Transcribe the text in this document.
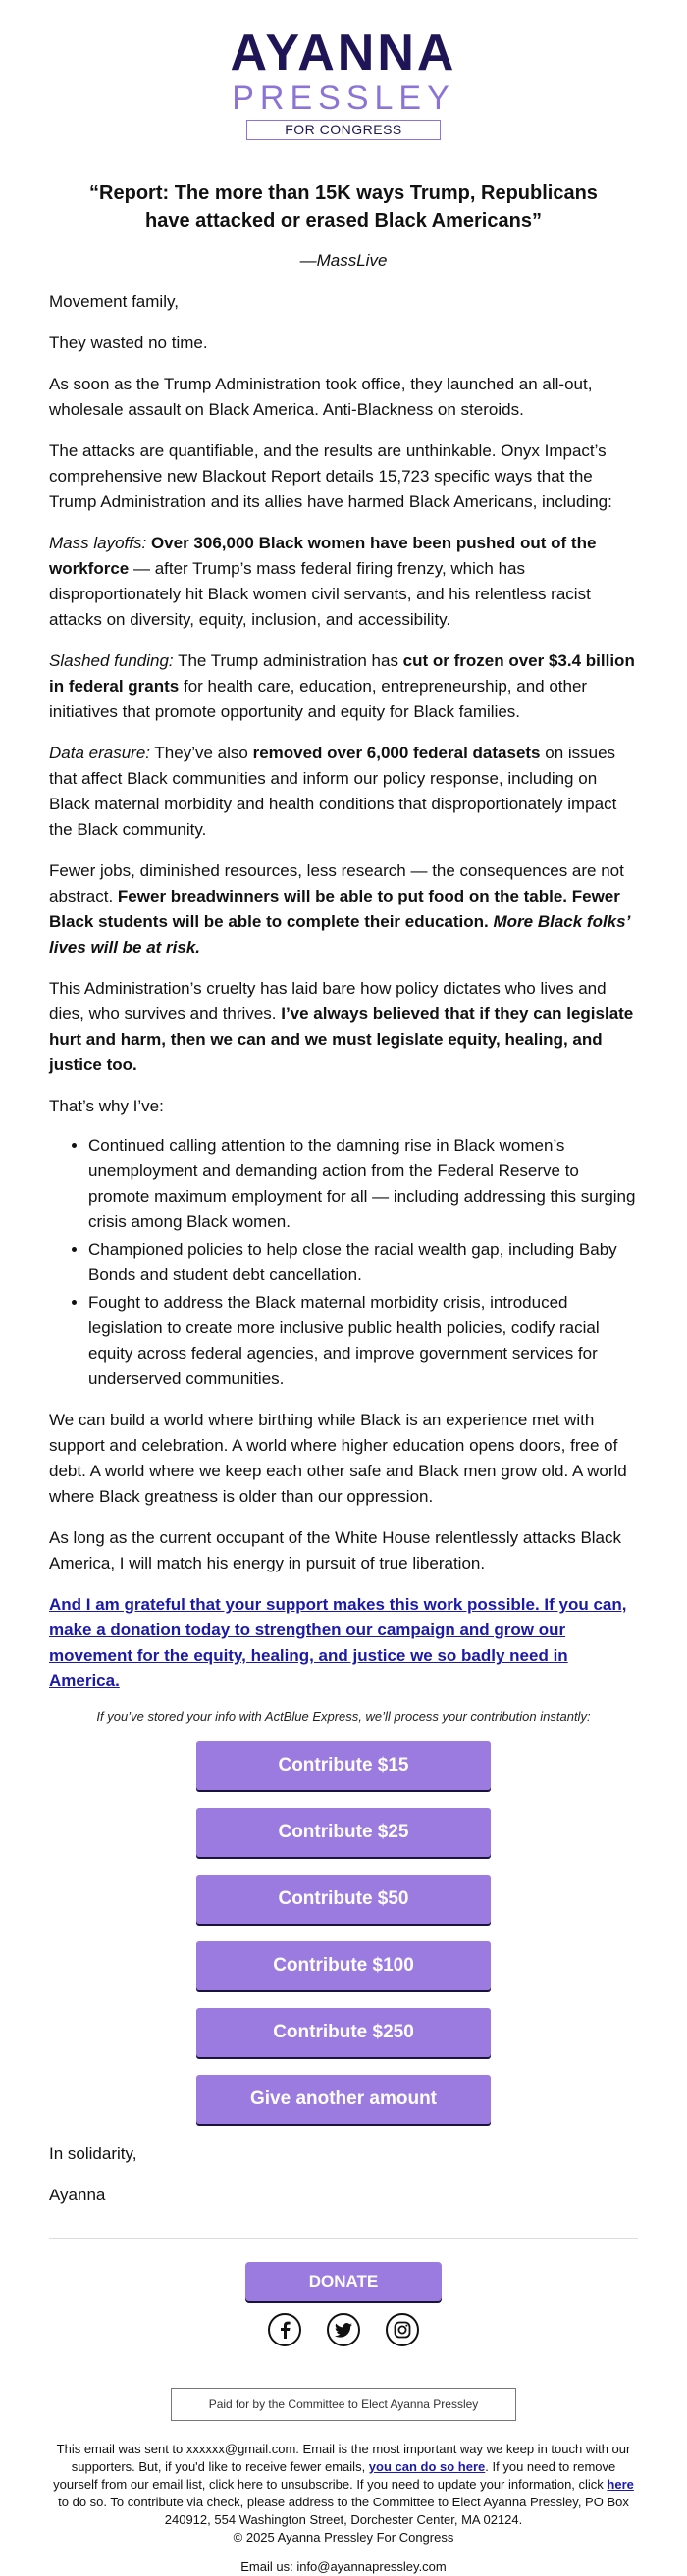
AYANNA
PRESSLEY
FOR CONGRESS
“Report: The more than 15K ways Trump, Republicans have attacked or erased Black Americans”
—MassLive

Movement family,

They wasted no time.

As soon as the Trump Administration took office, they launched an all-out, wholesale assault on Black America. Anti-Blackness on steroids.

The attacks are quantifiable, and the results are unthinkable. Onyx Impact’s comprehensive new Blackout Report details 15,723 specific ways that the Trump Administration and its allies have harmed Black Americans, including:

Mass layoffs: Over 306,000 Black women have been pushed out of the workforce — after Trump’s mass federal firing frenzy, which has disproportionately hit Black women civil servants, and his relentless racist attacks on diversity, equity, inclusion, and accessibility.

Slashed funding: The Trump administration has cut or frozen over $3.4 billion in federal grants for health care, education, entrepreneurship, and other initiatives that promote opportunity and equity for Black families.

Data erasure: They’ve also removed over 6,000 federal datasets on issues that affect Black communities and inform our policy response, including on Black maternal morbidity and health conditions that disproportionately impact the Black community.

Fewer jobs, diminished resources, less research — the consequences are not abstract. Fewer breadwinners will be able to put food on the table. Fewer Black students will be able to complete their education. More Black folks’ lives will be at risk.

This Administration’s cruelty has laid bare how policy dictates who lives and dies, who survives and thrives. I’ve always believed that if they can legislate hurt and harm, then we can and we must legislate equity, healing, and justice too.

That’s why I’ve:

• Continued calling attention to the damning rise in Black women’s unemployment and demanding action from the Federal Reserve to promote maximum employment for all — including addressing this surging crisis among Black women.
• Championed policies to help close the racial wealth gap, including Baby Bonds and student debt cancellation.
• Fought to address the Black maternal morbidity crisis, introduced legislation to create more inclusive public health policies, codify racial equity across federal agencies, and improve government services for underserved communities.

We can build a world where birthing while Black is an experience met with support and celebration. A world where higher education opens doors, free of debt. A world where we keep each other safe and Black men grow old. A world where Black greatness is older than our oppression.

As long as the current occupant of the White House relentlessly attacks Black America, I will match his energy in pursuit of true liberation.

And I am grateful that your support makes this work possible. If you can, make a donation today to strengthen our campaign and grow our movement for the equity, healing, and justice we so badly need in America.

If you’ve stored your info with ActBlue Express, we’ll process your contribution instantly:
Contribute $15
Contribute $25
Contribute $50
Contribute $100
Contribute $250
Give another amount

In solidarity,

Ayanna

DONATE
Paid for by the Committee to Elect Ayanna Pressley
This email was sent to xxxxxx@gmail.com. Email is the most important way we keep in touch with our supporters. But, if you'd like to receive fewer emails, you can do so here. If you need to remove yourself from our email list, click here to unsubscribe. If you need to update your information, click here to do so. To contribute via check, please address to the Committee to Elect Ayanna Pressley, PO Box 240912, 554 Washington Street, Dorchester Center, MA 02124.
© 2025 Ayanna Pressley For Congress
Email us: info@ayannapressley.com
